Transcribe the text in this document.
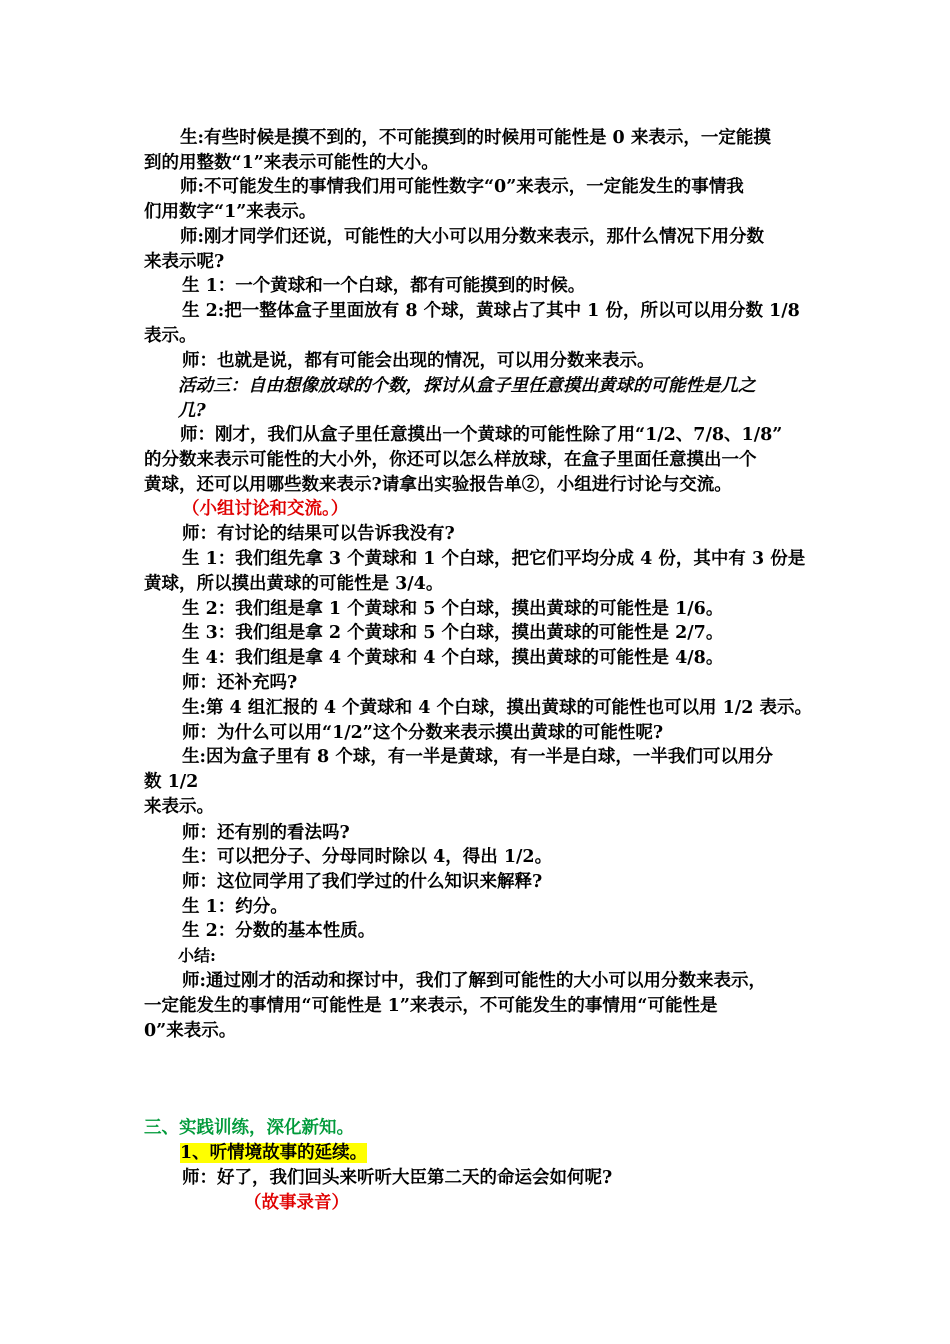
生:有些时候是摸不到的，不可能摸到的时候用可能性是 0 来表示，一定能摸
到的用整数“1”来表示可能性的大小。
师:不可能发生的事情我们用可能性数字“0”来表示，一定能发生的事情我
们用数字“1”来表示。
师:刚才同学们还说，可能性的大小可以用分数来表示，那什么情况下用分数
来表示呢?
生 1：一个黄球和一个白球，都有可能摸到的时候。
生 2:把一整体盒子里面放有 8 个球，黄球占了其中 1 份，所以可以用分数 1/8
表示。
师：也就是说，都有可能会出现的情况，可以用分数来表示。
活动三：自由想像放球的个数，探讨从盒子里任意摸出黄球的可能性是几之
几?
师：刚才，我们从盒子里任意摸出一个黄球的可能性除了用“1/2、7/8、1/8”
的分数来表示可能性的大小外，你还可以怎么样放球，在盒子里面任意摸出一个
黄球，还可以用哪些数来表示?请拿出实验报告单②，小组进行讨论与交流。
（小组讨论和交流。）
师：有讨论的结果可以告诉我没有?
生 1：我们组先拿 3 个黄球和 1 个白球，把它们平均分成 4 份，其中有 3 份是
黄球，所以摸出黄球的可能性是 3/4。
生 2：我们组是拿 1 个黄球和 5 个白球，摸出黄球的可能性是 1/6。
生 3：我们组是拿 2 个黄球和 5 个白球，摸出黄球的可能性是 2/7。
生 4：我们组是拿 4 个黄球和 4 个白球，摸出黄球的可能性是 4/8。
师：还补充吗?
生:第 4 组汇报的 4 个黄球和 4 个白球，摸出黄球的可能性也可以用 1/2 表示。
师：为什么可以用“1/2”这个分数来表示摸出黄球的可能性呢?
生:因为盒子里有 8 个球，有一半是黄球，有一半是白球，一半我们可以用分
数 1/2
来表示。
师：还有别的看法吗?
生：可以把分子、分母同时除以 4，得出 1/2。
师：这位同学用了我们学过的什么知识来解释?
生 1：约分。
生 2：分数的基本性质。
小结:
师:通过刚才的活动和探讨中，我们了解到可能性的大小可以用分数来表示，
一定能发生的事情用“可能性是 1”来表示，不可能发生的事情用“可能性是
0”来表示。
三、实践训练，深化新知。
1、听情境故事的延续。
师：好了，我们回头来听听大臣第二天的命运会如何呢?
（故事录音）
